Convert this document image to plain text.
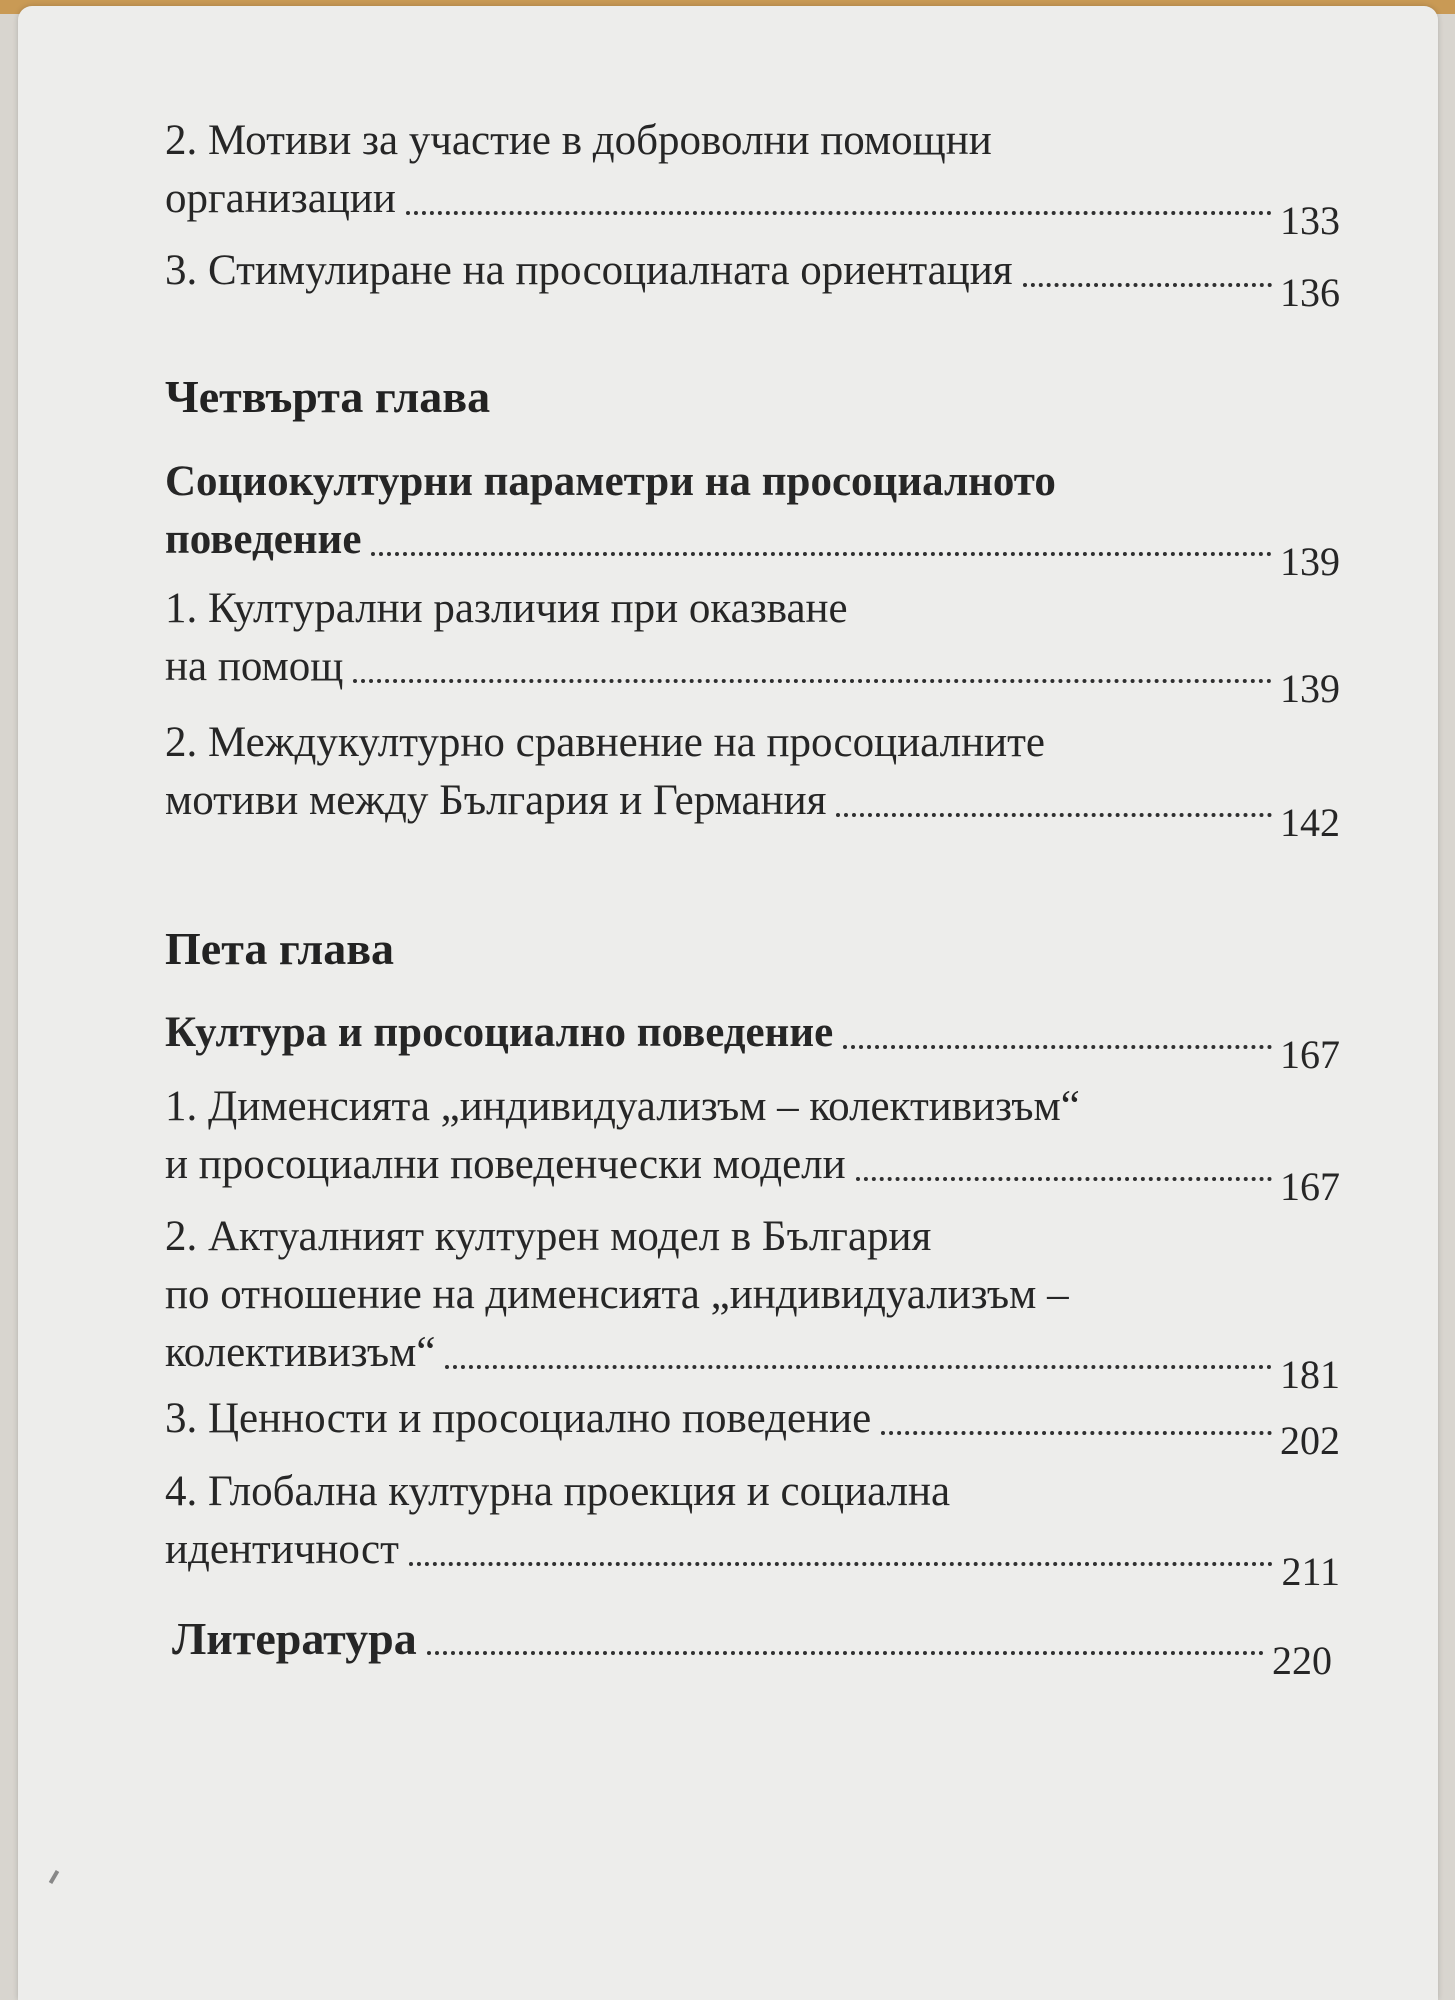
2. Мотиви за участие в доброволни помощни
организации	133
3. Стимулиране на просоциалната ориентация	136
Четвърта глава
Социокултурни параметри на просоциалното
поведение	139
1. Културални различия при оказване
на помощ	139
2. Междукултурно сравнение на просоциалните
мотиви между България и Германия	142
Пета глава
Култура и просоциално поведение	167
1. Дименсията „индивидуализъм – колективизъм“
и просоциални поведенчески модели	167
2. Актуалният културен модел в България
по отношение на дименсията „индивидуализъм –
колективизъм“	181
3. Ценности и просоциално поведение	202
4. Глобална културна проекция и социална
идентичност	211
Литература	220
